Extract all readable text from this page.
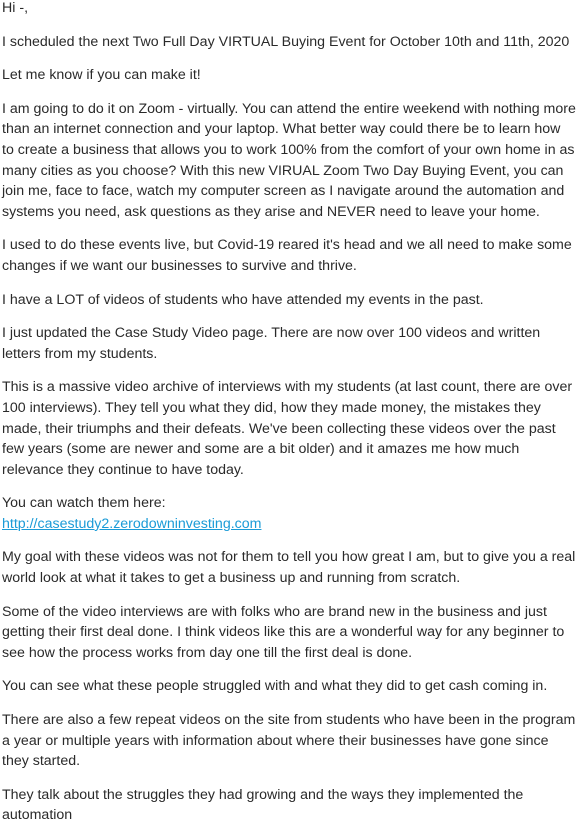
Hi -,

I scheduled the next Two Full Day VIRTUAL Buying Event for October 10th and 11th, 2020

Let me know if you can make it!

I am going to do it on Zoom - virtually. You can attend the entire weekend with nothing more than an internet connection and your laptop. What better way could there be to learn how to create a business that allows you to work 100% from the comfort of your own home in as many cities as you choose? With this new VIRUAL Zoom Two Day Buying Event, you can join me, face to face, watch my computer screen as I navigate around the automation and systems you need, ask questions as they arise and NEVER need to leave your home.

I used to do these events live, but Covid-19 reared it's head and we all need to make some changes if we want our businesses to survive and thrive.

I have a LOT of videos of students who have attended my events in the past.

I just updated the Case Study Video page. There are now over 100 videos and written letters from my students.

This is a massive video archive of interviews with my students (at last count, there are over 100 interviews). They tell you what they did, how they made money, the mistakes they made, their triumphs and their defeats. We've been collecting these videos over the past few years (some are newer and some are a bit older) and it amazes me how much relevance they continue to have today.

You can watch them here:
http://casestudy2.zerodowninvesting.com

My goal with these videos was not for them to tell you how great I am, but to give you a real world look at what it takes to get a business up and running from scratch.

Some of the video interviews are with folks who are brand new in the business and just getting their first deal done. I think videos like this are a wonderful way for any beginner to see how the process works from day one till the first deal is done.

You can see what these people struggled with and what they did to get cash coming in.

There are also a few repeat videos on the site from students who have been in the program a year or multiple years with information about where their businesses have gone since they started.

They talk about the struggles they had growing and the ways they implemented the automation
